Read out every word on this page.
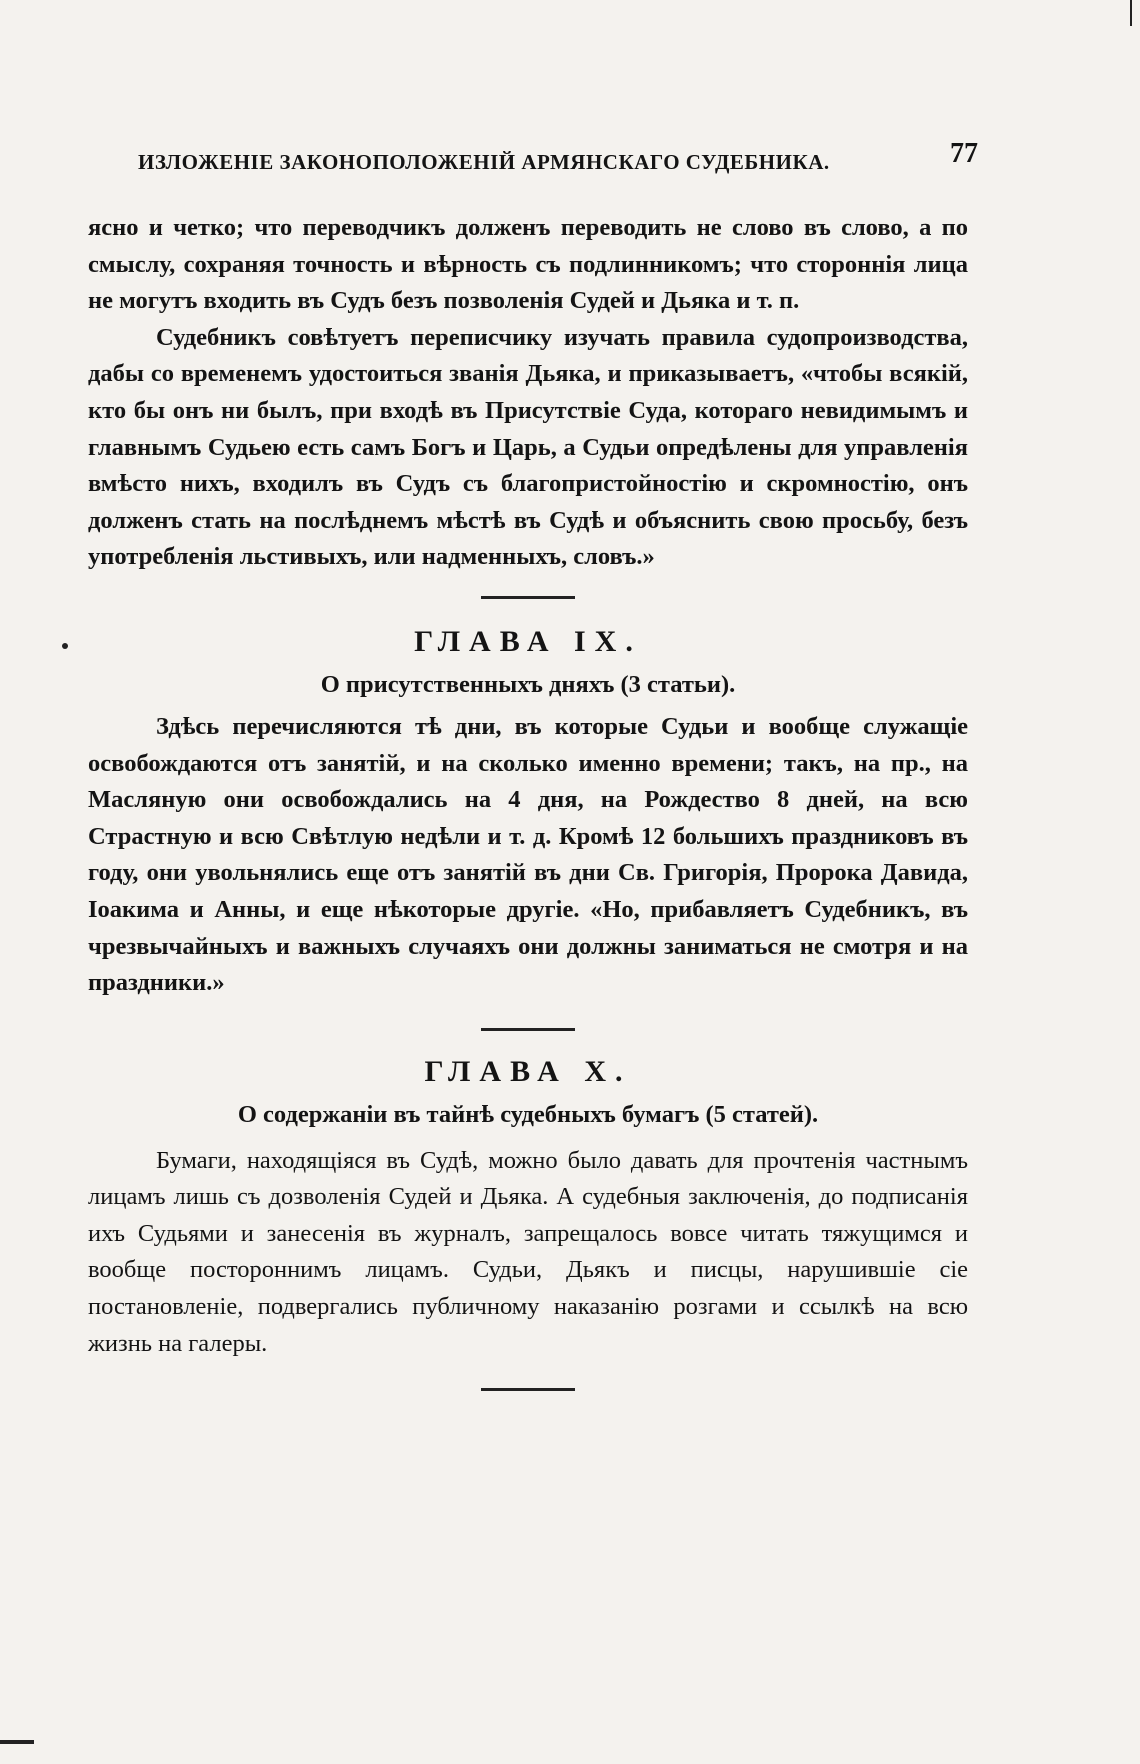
ИЗЛОЖЕНIЕ ЗАКОНОПОЛОЖЕНIЙ АРМЯНСКАГО СУДЕБНИКА.	77

ясно и четко; что переводчикъ долженъ переводить не слово въ слово, а по смыслу, сохраняя точность и вѣрность съ подлинникомъ; что стороннiя лица не могутъ входить въ Судъ безъ позволенiя Судей и Дьяка и т. п.

Судебникъ совѣтуетъ переписчику изучать правила судопроизводства, дабы со временемъ удостоиться званiя Дьяка, и приказываетъ, «чтобы всякiй, кто бы онъ ни былъ, при входѣ въ Присутствiе Суда, котораго невидимымъ и главнымъ Судьею есть самъ Богъ и Царь, а Судьи опредѣлены для управленiя вмѣсто нихъ, входилъ въ Судъ съ благопристойностiю и скромностiю, онъ долженъ стать на послѣднемъ мѣстѣ въ Судѣ и объяснить свою просьбу, безъ употребленiя льстивыхъ, или надменныхъ, словъ.»

ГЛАВА IX.
О присутственныхъ дняхъ (3 статьи).

Здѣсь перечисляются тѣ дни, въ которые Судьи и вообще служащiе освобождаются отъ занятiй, и на сколько именно времени; такъ, на пр., на Масляную они освобождались на 4 дня, на Рождество 8 дней, на всю Страстную и всю Свѣтлую недѣли и т. д. Кромѣ 12 большихъ праздниковъ въ году, они увольнялись еще отъ занятiй въ дни Св. Григорiя, Пророка Давида, Iоакима и Анны, и еще нѣкоторые другiе. «Но, прибавляетъ Судебникъ, въ чрезвычайныхъ и важныхъ случаяхъ они должны заниматься не смотря и на праздники.»

ГЛАВА X.
О содержанiи въ тайнѣ судебныхъ бумагъ (5 статей).

Бумаги, находящiяся въ Судѣ, можно было давать для прочтенiя частнымъ лицамъ лишь съ дозволенiя Судей и Дьяка. А судебныя заключенiя, до подписанiя ихъ Судьями и занесенiя въ журналъ, запрещалось вовсе читать тяжущимся и вообще постороннимъ лицамъ. Судьи, Дьякъ и писцы, нарушившiе сiе постановленiе, подвергались публичному наказанiю розгами и ссылкѣ на всю жизнь на галеры.
